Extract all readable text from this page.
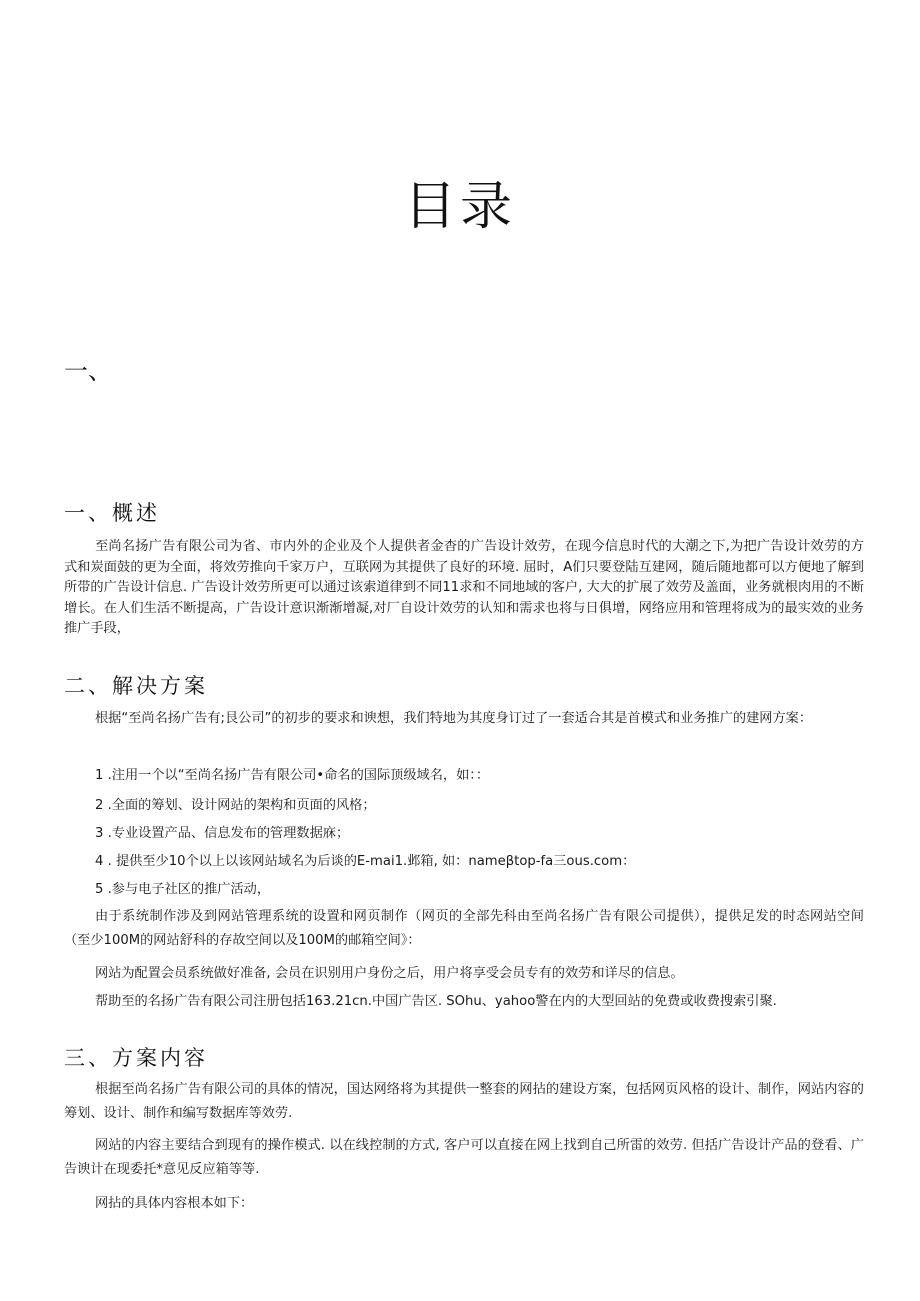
目录
一、
一、概述
至尚名扬广告有限公司为省、市内外的企业及个人提供者金杳的广告设计效劳，在现今信息时代的大潮之下,为把广告设计效劳的方式和炭面鼓的更为全面，将效劳推向千家万户，互联网为其提供了良好的环境. 屈时，A们只要登陆互建网，随后随地都可以方便地了解到所带的广告设计信息. 广告设计效劳所更可以通过该索道律到不同11求和不同地域的客户, 大大的扩展了效劳及盖面，业务就根肉用的不断增长。在人们生活不断提高，广告设计意识渐渐增凝,对厂自设计效劳的认知和需求也将与日俱增，网络应用和管理将成为的最实效的业务推广手段，
二、解决方案
根据“至尚名扬广告有;艮公司”的初步的要求和谀想，我们特地为其度身订过了一套适合其是首模式和业务推广的建网方案：
1 .注用一个以“至尚名扬广告有限公司•命名的国际顶级域名，如：：
2 .全面的筹划、设计网站的架构和页面的风格；
3 .专业设置产品、信息发布的管理数据庥；
4 . 提供至少10个以上以该网站域名为后谈的E-mai1.邺箱, 如：nameβtop-fa三ous.com：
5 .参与电子社区的推广活动，
由于系统制作涉及到网站管理系统的设置和网页制作（网页的全部先科由至尚名扬广告有限公司提供），提供足发的时态网站空间（至少100M的网站舒科的存故空间以及100M的邮箱空间》：
网站为配置会员系统做好准备, 会员在识别用户身份之后，用户将享受会员专有的效劳和详尽的信息。
帮助至的名扬广告有限公司注册包括163.21cn.中国广告区. SOhu、yahoo警在内的大型回站的免费或收费搜索引聚.
三、方案内容
根据至尚名扬广告有限公司的具体的情况，国达网络将为其提供一整套的网拈的建设方案，包括网页风格的设计、制作，网站内容的筹划、设计、制作和编写数据库等效劳.
网站的内容主要结合到现有的操作模式. 以在线控制的方式, 客户可以直接在网上找到自己所雷的效劳. 但括广告设计产品的登看、广告谀计在现委托*意见反应箱等等.
网拈的具体内容根本如下：
